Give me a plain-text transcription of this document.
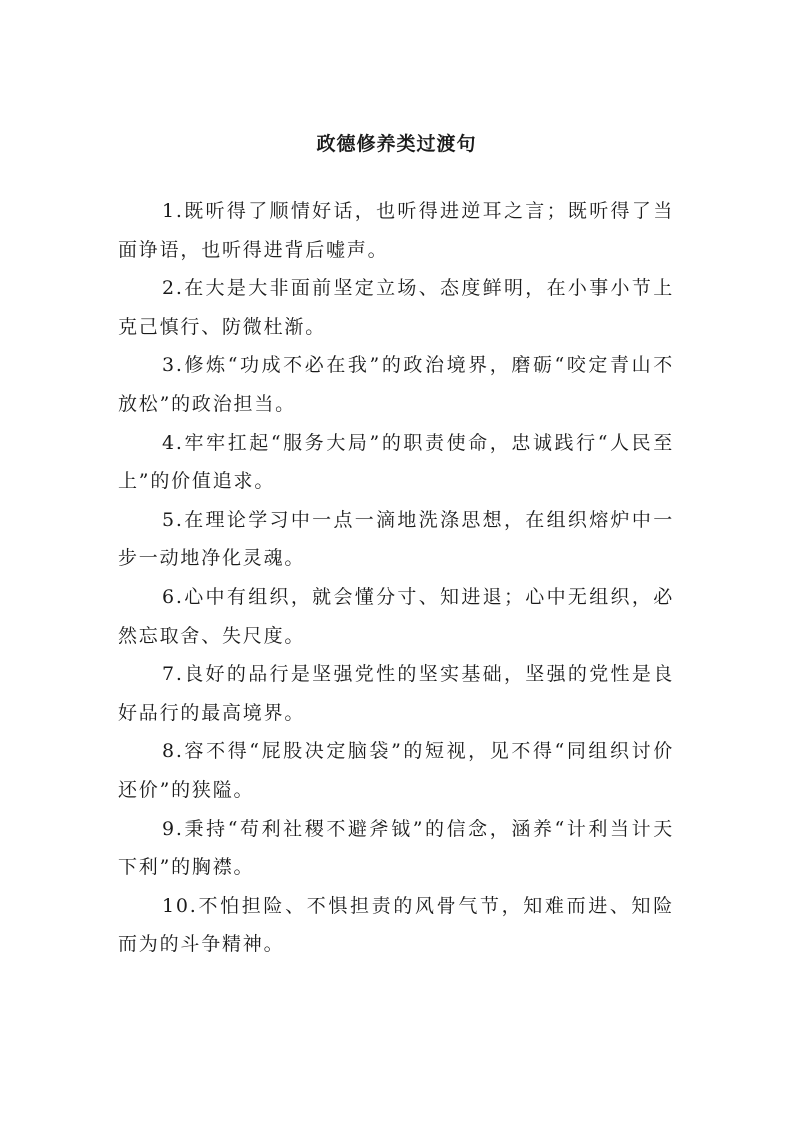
政德修养类过渡句

1.既听得了顺情好话，也听得进逆耳之言；既听得了当面诤语，也听得进背后嘘声。

2.在大是大非面前坚定立场、态度鲜明，在小事小节上克己慎行、防微杜渐。

3.修炼“功成不必在我”的政治境界，磨砺“咬定青山不放松”的政治担当。

4.牢牢扛起“服务大局”的职责使命，忠诚践行“人民至上”的价值追求。

5.在理论学习中一点一滴地洗涤思想，在组织熔炉中一步一动地净化灵魂。

6.心中有组织，就会懂分寸、知进退；心中无组织，必然忘取舍、失尺度。

7.良好的品行是坚强党性的坚实基础，坚强的党性是良好品行的最高境界。

8.容不得“屁股决定脑袋”的短视，见不得“同组织讨价还价”的狭隘。

9.秉持“苟利社稷不避斧钺”的信念，涵养“计利当计天下利”的胸襟。

10.不怕担险、不惧担责的风骨气节，知难而进、知险而为的斗争精神。
